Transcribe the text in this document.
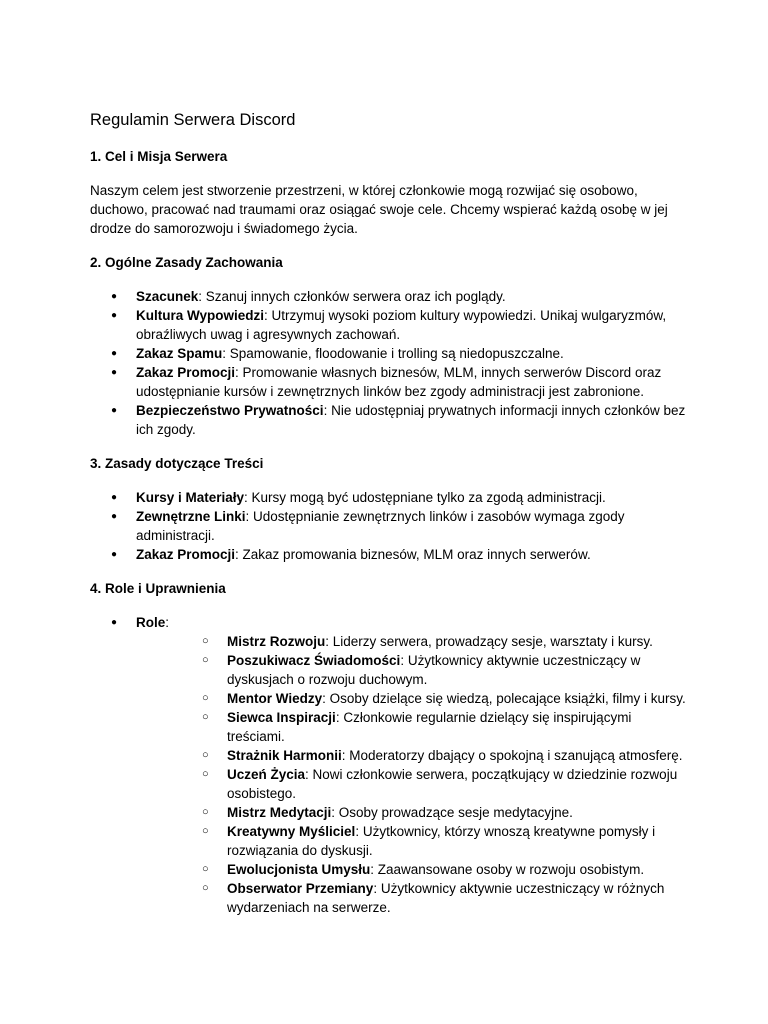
Regulamin Serwera Discord
1. Cel i Misja Serwera

Naszym celem jest stworzenie przestrzeni, w której członkowie mogą rozwijać się osobowo, duchowo, pracować nad traumami oraz osiągać swoje cele. Chcemy wspierać każdą osobę w jej drodze do samorozwoju i świadomego życia.

2. Ogólne Zasady Zachowania
● Szacunek: Szanuj innych członków serwera oraz ich poglądy.
● Kultura Wypowiedzi: Utrzymuj wysoki poziom kultury wypowiedzi. Unikaj wulgaryzmów, obraźliwych uwag i agresywnych zachowań.
● Zakaz Spamu: Spamowanie, floodowanie i trolling są niedopuszczalne.
● Zakaz Promocji: Promowanie własnych biznesów, MLM, innych serwerów Discord oraz udostępnianie kursów i zewnętrznych linków bez zgody administracji jest zabronione.
● Bezpieczeństwo Prywatności: Nie udostępniaj prywatnych informacji innych członków bez ich zgody.
3. Zasady dotyczące Treści
● Kursy i Materiały: Kursy mogą być udostępniane tylko za zgodą administracji.
● Zewnętrzne Linki: Udostępnianie zewnętrznych linków i zasobów wymaga zgody administracji.
● Zakaz Promocji: Zakaz promowania biznesów, MLM oraz innych serwerów.
4. Role i Uprawnienia
● Role:
○ Mistrz Rozwoju: Liderzy serwera, prowadzący sesje, warsztaty i kursy.
○ Poszukiwacz Świadomości: Użytkownicy aktywnie uczestniczący w dyskusjach o rozwoju duchowym.
○ Mentor Wiedzy: Osoby dzielące się wiedzą, polecające książki, filmy i kursy.
○ Siewca Inspiracji: Członkowie regularnie dzielący się inspirującymi treściami.
○ Strażnik Harmonii: Moderatorzy dbający o spokojną i szanującą atmosferę.
○ Uczeń Życia: Nowi członkowie serwera, początkujący w dziedzinie rozwoju osobistego.
○ Mistrz Medytacji: Osoby prowadzące sesje medytacyjne.
○ Kreatywny Myśliciel: Użytkownicy, którzy wnoszą kreatywne pomysły i rozwiązania do dyskusji.
○ Ewolucjonista Umysłu: Zaawansowane osoby w rozwoju osobistym.
○ Obserwator Przemiany: Użytkownicy aktywnie uczestniczący w różnych wydarzeniach na serwerze.
